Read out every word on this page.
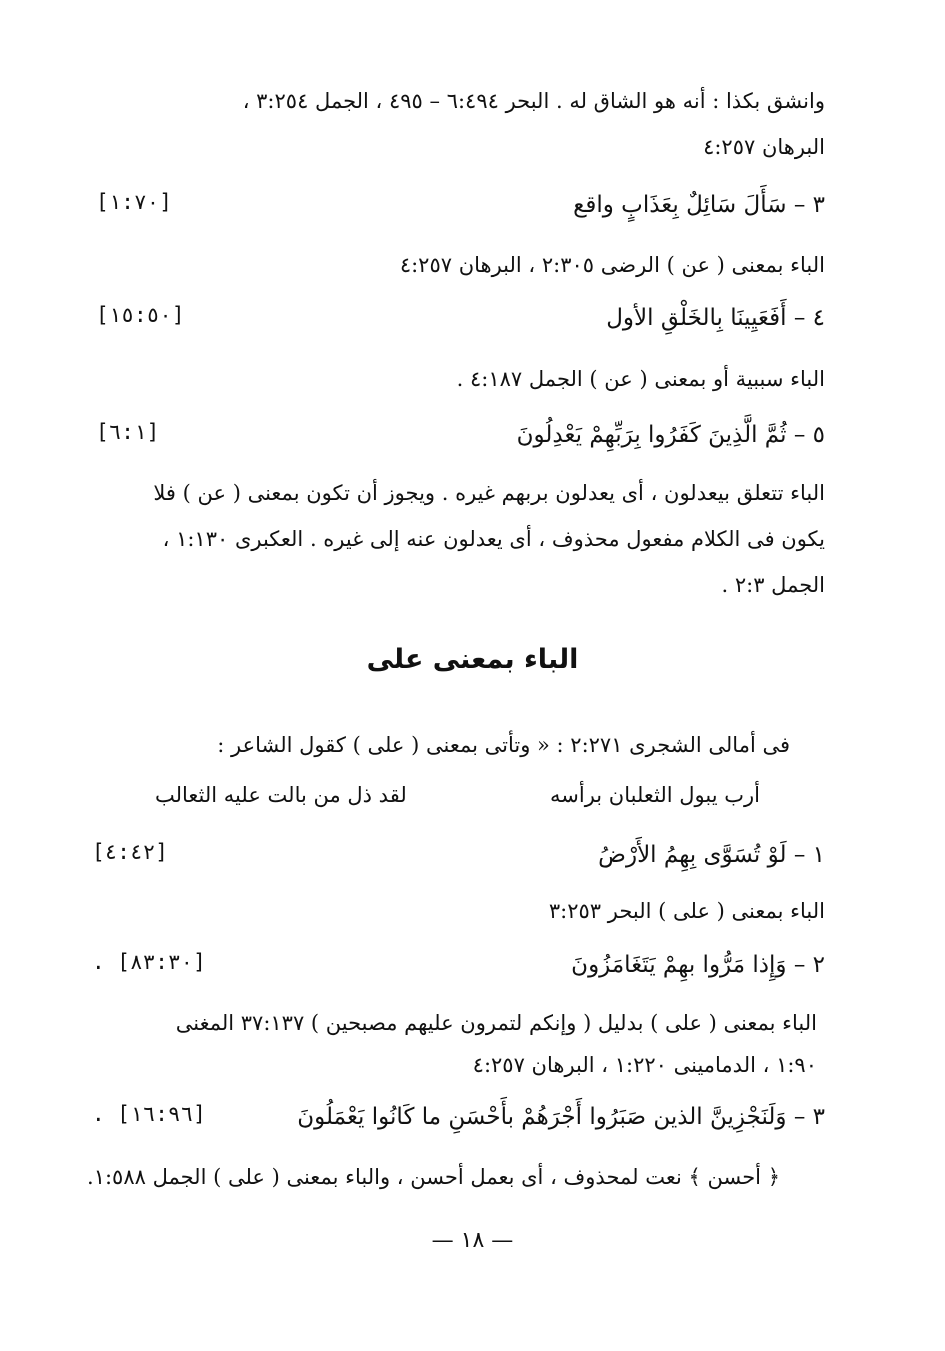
وانشق بكذا : أنه هو الشاق له . البحر ٦:٤٩٤ – ٤٩٥ ، الجمل ٣:٢٥٤ ،
البرهان ٤:٢٥٧
٣ – سَأَلَ سَائِلٌ بِعَذَابٍ واقع
[١:٧٠]
الباء بمعنى ( عن ) الرضى ٢:٣٠٥ ، البرهان ٤:٢٥٧
٤ – أَفَعَيِينَا بِالخَلْقِ الأول
[١٥:٥٠]
الباء سببية أو بمعنى ( عن ) الجمل ٤:١٨٧ .
٥ – ثُمَّ الَّذِينَ كَفَرُوا بِرَبِّهِمْ يَعْدِلُونَ
[٦:١]
الباء تتعلق بيعدلون ، أى يعدلون بربهم غيره . ويجوز أن تكون بمعنى ( عن ) فلا
يكون فى الكلام مفعول محذوف ، أى يعدلون عنه إلى غيره . العكبرى ١:١٣٠ ،
الجمل ٢:٣ .
الباء بمعنى على
فى أمالى الشجرى ٢:٢٧١ : « وتأتى بمعنى ( على ) كقول الشاعر :
أرب يبول الثعلبان برأسه
لقد ذل من بالت عليه الثعالب
١ – لَوْ تُسَوَّى بِهِمُ الأَرْضُ
[٤:٤٢]
الباء بمعنى ( على ) البحر ٣:٢٥٣
٢ – وَإِذا مَرُّوا بهِمْ يَتَغَامَزُونَ
. [٨٣:٣٠]
الباء بمعنى ( على ) بدليل ( وإنكم لتمرون عليهم مصبحين ) ٣٧:١٣٧ المغنى
١:٩٠ ، الدمامينى ١:٢٢٠ ، البرهان ٤:٢٥٧
٣ – وَلَنَجْزِينَّ الذين صَبَرُوا أَجْرَهُمْ بأَحْسَنِ ما كَانُوا يَعْمَلُونَ
. [١٦:٩٦]
﴿ أحسن ﴾ نعت لمحذوف ، أى بعمل أحسن ، والباء بمعنى ( على ) الجمل ١:٥٨٨.
— ١٨ —
